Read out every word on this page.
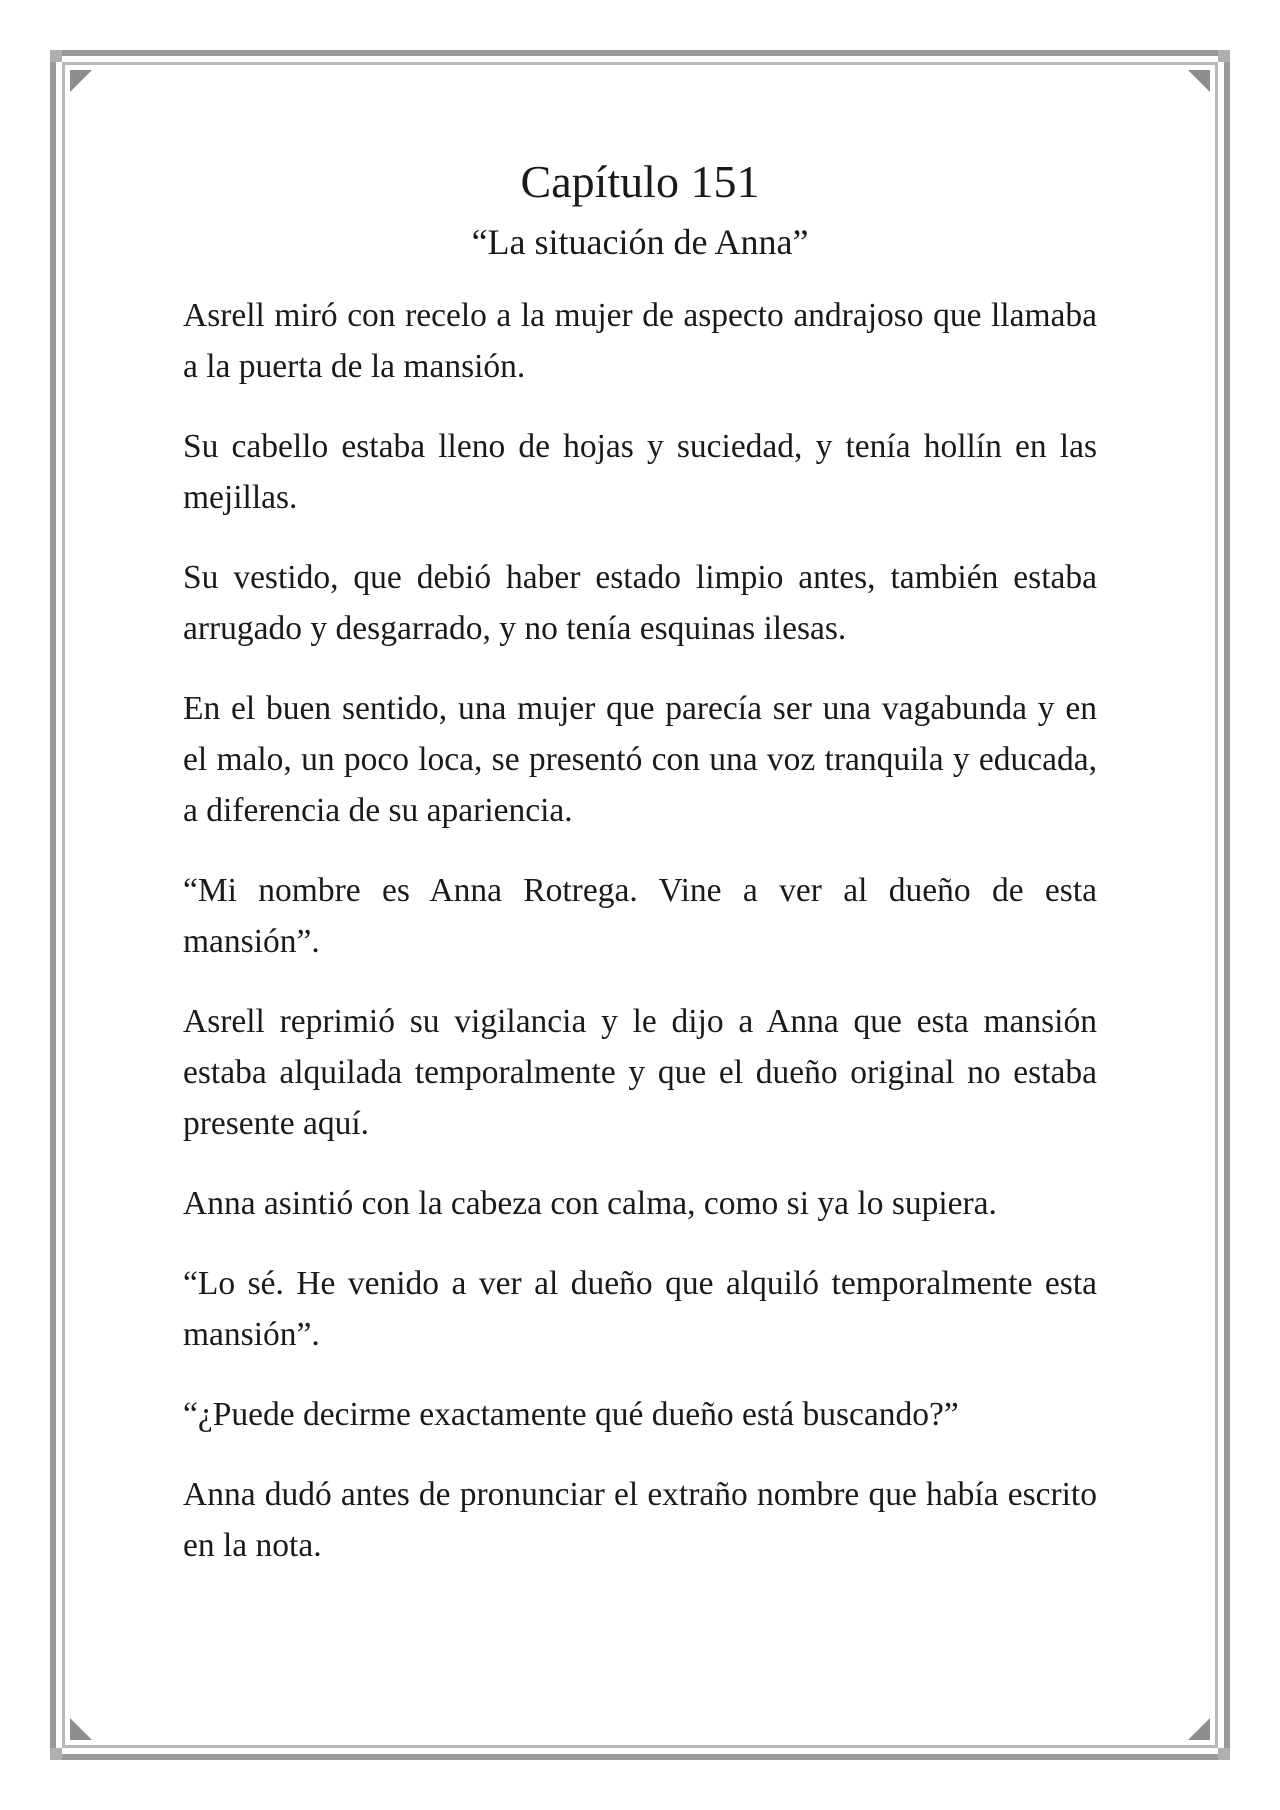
Capítulo 151
“La situación de Anna”

Asrell miró con recelo a la mujer de aspecto andrajoso que llamaba a la puerta de la mansión.

Su cabello estaba lleno de hojas y suciedad, y tenía hollín en las mejillas.

Su vestido, que debió haber estado limpio antes, también estaba arrugado y desgarrado, y no tenía esquinas ilesas.

En el buen sentido, una mujer que parecía ser una vagabunda y en el malo, un poco loca, se presentó con una voz tranquila y educada, a diferencia de su apariencia.

“Mi nombre es Anna Rotrega. Vine a ver al dueño de esta mansión”.

Asrell reprimió su vigilancia y le dijo a Anna que esta mansión estaba alquilada temporalmente y que el dueño original no estaba presente aquí.

Anna asintió con la cabeza con calma, como si ya lo supiera.

“Lo sé. He venido a ver al dueño que alquiló temporalmente esta mansión”.

“¿Puede decirme exactamente qué dueño está buscando?”

Anna dudó antes de pronunciar el extraño nombre que había escrito en la nota.
